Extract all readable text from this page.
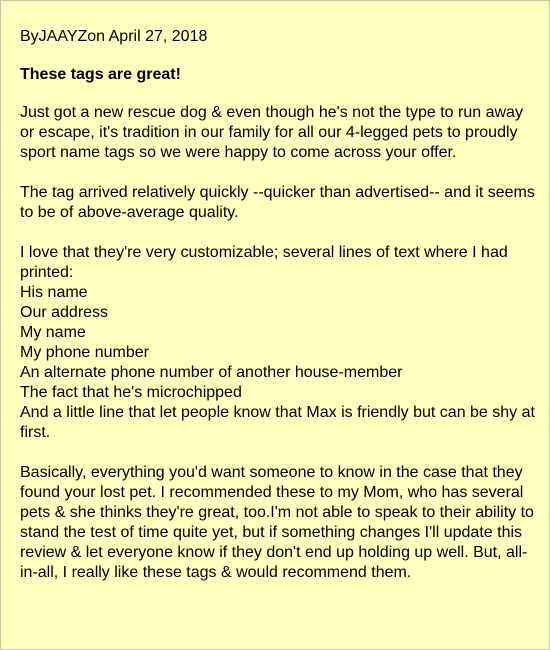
ByJAAYZon April 27, 2018
These tags are great!
Just got a new rescue dog & even though he's not the type to run away or escape, it's tradition in our family for all our 4-legged pets to proudly sport name tags so we were happy to come across your offer.
The tag arrived relatively quickly --quicker than advertised-- and it seems to be of above-average quality.
I love that they're very customizable; several lines of text where I had printed:
His name
Our address
My name
My phone number
An alternate phone number of another house-member
The fact that he's microchipped
And a little line that let people know that Max is friendly but can be shy at first.
Basically, everything you'd want someone to know in the case that they found your lost pet. I recommended these to my Mom, who has several pets & she thinks they're great, too.I'm not able to speak to their ability to stand the test of time quite yet, but if something changes I'll update this review & let everyone know if they don't end up holding up well. But, all-in-all, I really like these tags & would recommend them.
